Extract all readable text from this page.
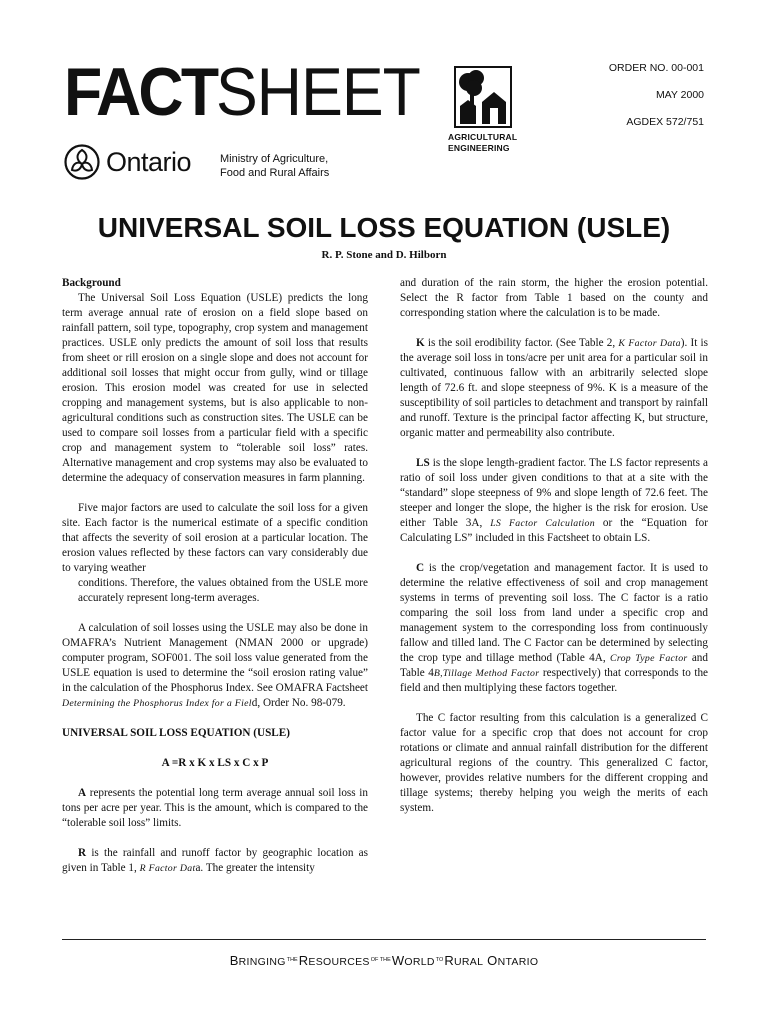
FACTSHEET
AGRICULTURAL
ENGINEERING
ORDER NO. 00-001
MAY 2000
AGDEX 572/751
Ontario	Ministry of Agriculture,
Food and Rural Affairs
UNIVERSAL SOIL LOSS EQUATION (USLE)
R. P. Stone and D. Hilborn

Background

The Universal Soil Loss Equation (USLE) predicts the long term average annual rate of erosion on a field slope based on rainfall pattern, soil type, topography, crop system and management practices. USLE only predicts the amount of soil loss that results from sheet or rill erosion on a single slope and does not account for additional soil losses that might occur from gully, wind or tillage erosion. This erosion model was created for use in selected cropping and management systems, but is also applicable to non-agricultural conditions such as construction sites. The USLE can be used to compare soil losses from a particular field with a specific crop and management system to “tolerable soil loss” rates. Alternative management and crop systems may also be evaluated to determine the adequacy of conservation measures in farm planning.

Five major factors are used to calculate the soil loss for a given site. Each factor is the numerical estimate of a specific condition that affects the severity of soil erosion at a particular location. The erosion values reflected by these factors can vary considerably due to varying weather

conditions. Therefore, the values obtained from the USLE more accurately represent long-term averages.

A calculation of soil losses using the USLE may also be done in OMAFRA’s Nutrient Management (NMAN 2000 or upgrade) computer program, SOF001. The soil loss value generated from the USLE equation is used to determine the “soil erosion rating value” in the calculation of the Phosphorus Index. See OMAFRA Factsheet Determining the Phosphorus Index for a Field, Order No. 98-079.

UNIVERSAL SOIL LOSS EQUATION (USLE)

A =R x K x LS x C x P

A represents the potential long term average annual soil loss in tons per acre per year. This is the amount, which is compared to the “tolerable soil loss” limits.

R is the rainfall and runoff factor by geographic location as given in Table 1, R Factor Data. The greater the intensity

and duration of the rain storm, the higher the erosion potential. Select the R factor from Table 1 based on the county and corresponding station where the calculation is to be made.

K is the soil erodibility factor. (See Table 2, K Factor Data). It is the average soil loss in tons/acre per unit area for a particular soil in cultivated, continuous fallow with an arbitrarily selected slope length of 72.6 ft. and slope steepness of 9%. K is a measure of the susceptibility of soil particles to detachment and transport by rainfall and runoff. Texture is the principal factor affecting K, but structure, organic matter and permeability also contribute.

LS is the slope length-gradient factor. The LS factor represents a ratio of soil loss under given conditions to that at a site with the “standard” slope steepness of 9% and slope length of 72.6 feet. The steeper and longer the slope, the higher is the risk for erosion. Use either Table 3A, LS Factor Calculation or the “Equation for Calculating LS” included in this Factsheet to obtain LS.

C is the crop/vegetation and management factor. It is used to determine the relative effectiveness of soil and crop management systems in terms of preventing soil loss. The C factor is a ratio comparing the soil loss from land under a specific crop and management system to the corresponding loss from continuously fallow and tilled land. The C Factor can be determined by selecting the crop type and tillage method (Table 4A, Crop Type Factor and Table 4B,Tillage Method Factor respectively) that corresponds to the field and then multiplying these factors together.

The C factor resulting from this calculation is a generalized C factor value for a specific crop that does not account for crop rotations or climate and annual rainfall distribution for the different agricultural regions of the country. This generalized C factor, however, provides relative numbers for the different cropping and tillage systems; thereby helping you weigh the merits of each system.

$BRINGING^{THE}RESOURCES^{OF THE}WORLD^{TO}RURAL$ ONTARIO
